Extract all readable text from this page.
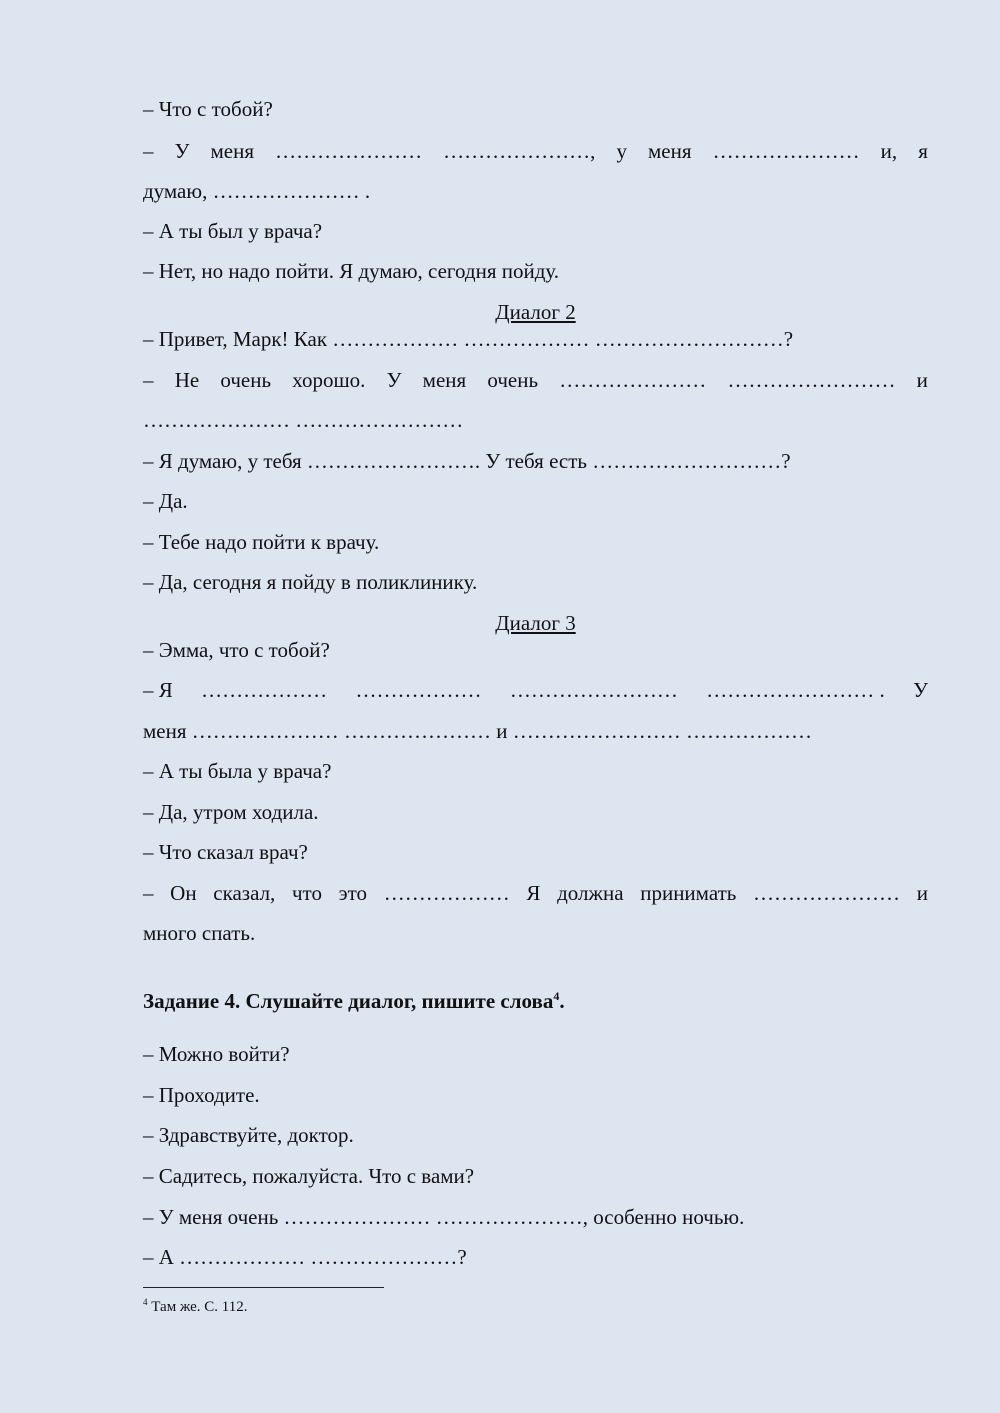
– Что с тобой?
– У меня ………………… …………………, у меня ………………… и, я
думаю, ………………… .
– А ты был у врача?
– Нет, но надо пойти. Я думаю, сегодня пойду.
Диалог 2
– Привет, Марк! Как ……………… ……………… ………………………?
– Не очень хорошо. У меня очень ………………… …………………… и
………………… ……………………
– Я думаю, у тебя ……………………. У тебя есть ………………………?
– Да.
– Тебе надо пойти к врачу.
– Да, сегодня я пойду в поликлинику.
Диалог 3
– Эмма, что с тобой?
– Я ……………… ……………… …………………… …………………… . У
меня ………………… ………………… и …………………… ………………
– А ты была у врача?
– Да, утром ходила.
– Что сказал врач?
– Он сказал, что это ……………… Я должна принимать ………………… и
много спать.
Задание 4. Слушайте диалог, пишите слова$^4$.
– Можно войти?
– Проходите.
– Здравствуйте, доктор.
– Садитесь, пожалуйста. Что с вами?
– У меня очень ………………… …………………, особенно ночью.
– А ……………… …………………?
$^4$ Там же. С. 112.
